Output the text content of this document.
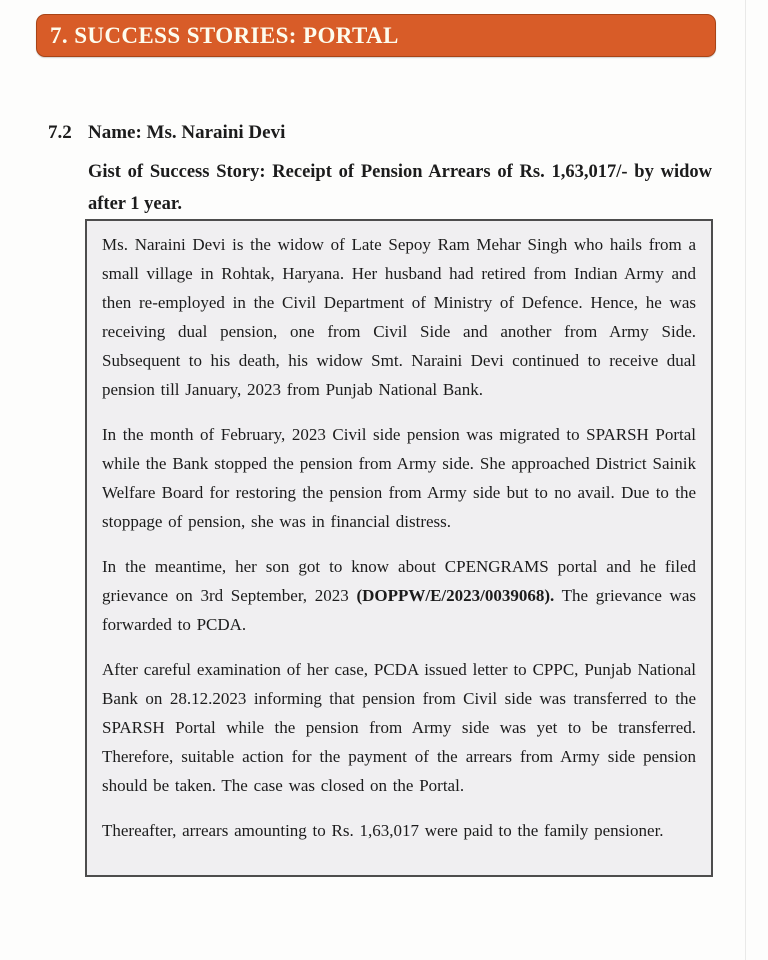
7. SUCCESS STORIES: PORTAL
7.2 Name: Ms. Naraini Devi
Gist of Success Story: Receipt of Pension Arrears of Rs. 1,63,017/- by widow
after 1 year.

Ms. Naraini Devi is the widow of Late Sepoy Ram Mehar Singh who hails from a small village in Rohtak, Haryana. Her husband had retired from Indian Army and then re-employed in the Civil Department of Ministry of Defence. Hence, he was receiving dual pension, one from Civil Side and another from Army Side. Subsequent to his death, his widow Smt. Naraini Devi continued to receive dual pension till January, 2023 from Punjab National Bank.

In the month of February, 2023 Civil side pension was migrated to SPARSH Portal while the Bank stopped the pension from Army side. She approached District Sainik Welfare Board for restoring the pension from Army side but to no avail. Due to the stoppage of pension, she was in financial distress.

In the meantime, her son got to know about CPENGRAMS portal and he filed grievance on 3rd September, 2023 (DOPPW/E/2023/0039068). The grievance was forwarded to PCDA.

After careful examination of her case, PCDA issued letter to CPPC, Punjab National Bank on 28.12.2023 informing that pension from Civil side was transferred to the SPARSH Portal while the pension from Army side was yet to be transferred. Therefore, suitable action for the payment of the arrears from Army side pension should be taken. The case was closed on the Portal.

Thereafter, arrears amounting to Rs. 1,63,017 were paid to the family pensioner.
